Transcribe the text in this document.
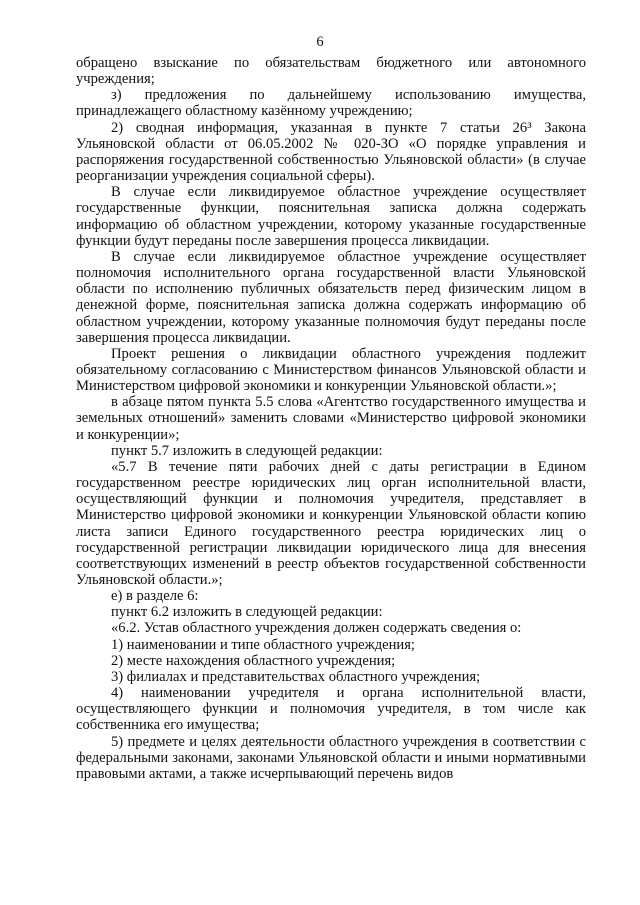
6

обращено взыскание по обязательствам бюджетного или автономного учреждения;

з) предложения по дальнейшему использованию имущества, принадлежащего областному казённому учреждению;

2) сводная информация, указанная в пункте 7 статьи 26³ Закона Ульяновской области от 06.05.2002 № 020-ЗО «О порядке управления и распоряжения государственной собственностью Ульяновской области» (в случае реорганизации учреждения социальной сферы).

В случае если ликвидируемое областное учреждение осуществляет государственные функции, пояснительная записка должна содержать информацию об областном учреждении, которому указанные государственные функции будут переданы после завершения процесса ликвидации.

В случае если ликвидируемое областное учреждение осуществляет полномочия исполнительного органа государственной власти Ульяновской области по исполнению публичных обязательств перед физическим лицом в денежной форме, пояснительная записка должна содержать информацию об областном учреждении, которому указанные полномочия будут переданы после завершения процесса ликвидации.

Проект решения о ликвидации областного учреждения подлежит обязательному согласованию с Министерством финансов Ульяновской области и Министерством цифровой экономики и конкуренции Ульяновской области.»;

в абзаце пятом пункта 5.5 слова «Агентство государственного имущества и земельных отношений» заменить словами «Министерство цифровой экономики и конкуренции»;

пункт 5.7 изложить в следующей редакции:

«5.7 В течение пяти рабочих дней с даты регистрации в Едином государственном реестре юридических лиц орган исполнительной власти, осуществляющий функции и полномочия учредителя, представляет в Министерство цифровой экономики и конкуренции Ульяновской области копию листа записи Единого государственного реестра юридических лиц о государственной регистрации ликвидации юридического лица для внесения соответствующих изменений в реестр объектов государственной собственности Ульяновской области.»;

е) в разделе 6:

пункт 6.2 изложить в следующей редакции:

«6.2. Устав областного учреждения должен содержать сведения о:

1) наименовании и типе областного учреждения;

2) месте нахождения областного учреждения;

3) филиалах и представительствах областного учреждения;

4) наименовании учредителя и органа исполнительной власти, осуществляющего функции и полномочия учредителя, в том числе как собственника его имущества;

5) предмете и целях деятельности областного учреждения в соответствии с федеральными законами, законами Ульяновской области и иными нормативными правовыми актами, а также исчерпывающий перечень видов
